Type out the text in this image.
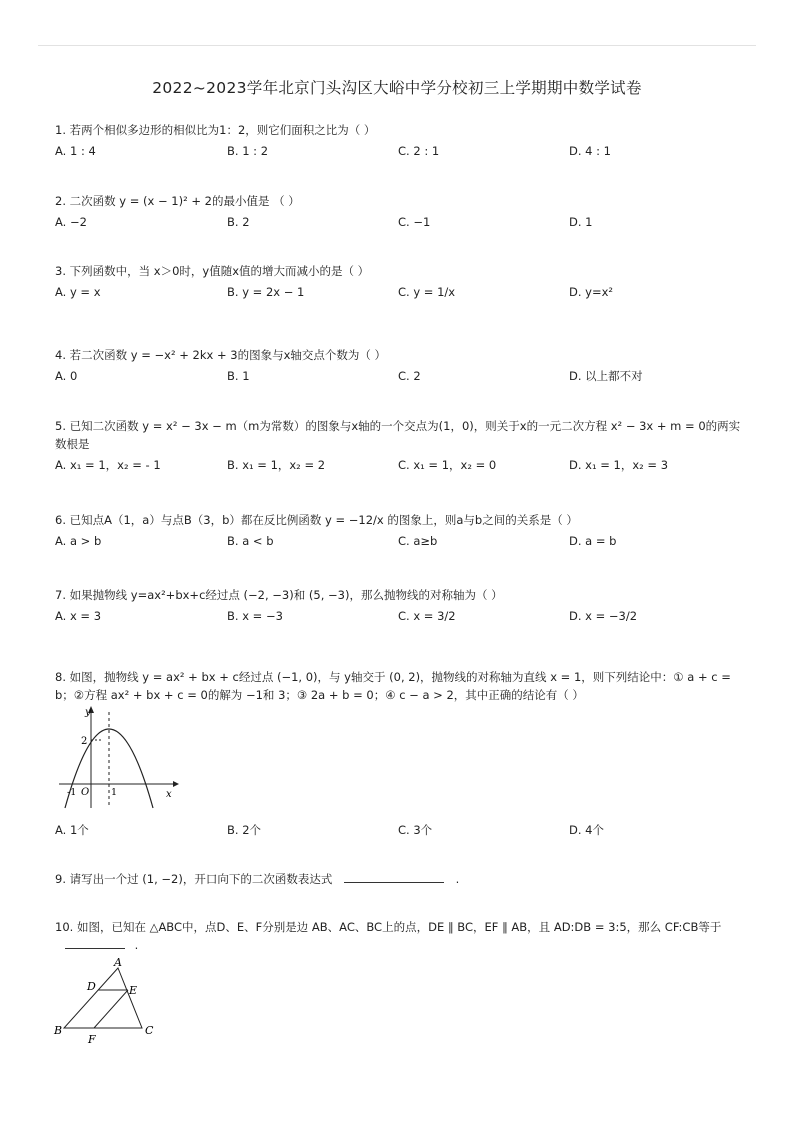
2022~2023学年北京门头沟区大峪中学分校初三上学期期中数学试卷
1. 若两个相似多边形的相似比为1：2，则它们面积之比为（ ）
A. 1 : 4	B. 1 : 2	C. 2 : 1	D. 4 : 1
2. 二次函数 y = (x − 1)² + 2的最小值是 （ ）
A. −2	B. 2	C. −1	D. 1
3. 下列函数中，当 x＞0时，y值随x值的增大而减小的是（ ）
A. y = x	B. y = 2x − 1	C. y = 1/x	D. y=x²
4. 若二次函数 y = −x² + 2kx + 3的图象与x轴交点个数为（ ）
A. 0	B. 1	C. 2	D. 以上都不对
5. 已知二次函数 y = x² − 3x − m（m为常数）的图象与x轴的一个交点为(1，0)，则关于x的一元二次方程 x² − 3x + m = 0的两实数根是
A. x₁ = 1，x₂ = - 1	B. x₁ = 1，x₂ = 2	C. x₁ = 1，x₂ = 0	D. x₁ = 1，x₂ = 3
6. 已知点A（1，a）与点B（3，b）都在反比例函数 y = −12/x 的图象上，则a与b之间的关系是（ ）
A. a > b	B. a < b	C. a≥b	D. a = b
7. 如果抛物线 y=ax²+bx+c经过点 (−2, −3)和 (5, −3)，那么抛物线的对称轴为（ ）
A. x = 3	B. x = −3	C. x = 3/2	D. x = −3/2
8. 如图，抛物线 y = ax² + bx + c经过点 (−1, 0)，与 y轴交于 (0, 2)，抛物线的对称轴为直线 x = 1，则下列结论中：① a + c = b；②方程 ax² + bx + c = 0的解为 −1和 3；③ 2a + b = 0；④ c − a > 2，其中正确的结论有（ ）
y
x
2
-1 O 1
A. 1个	B. 2个	C. 3个	D. 4个
9. 请写出一个过 (1, −2)，开口向下的二次函数表达式	.
10. 如图，已知在 △ABC中，点D、E、F分别是边 AB、AC、BC上的点，DE ∥ BC，EF ∥ AB，且 AD:DB = 3:5，那么 CF:CB等于  .
A
B	C
D	E
F
